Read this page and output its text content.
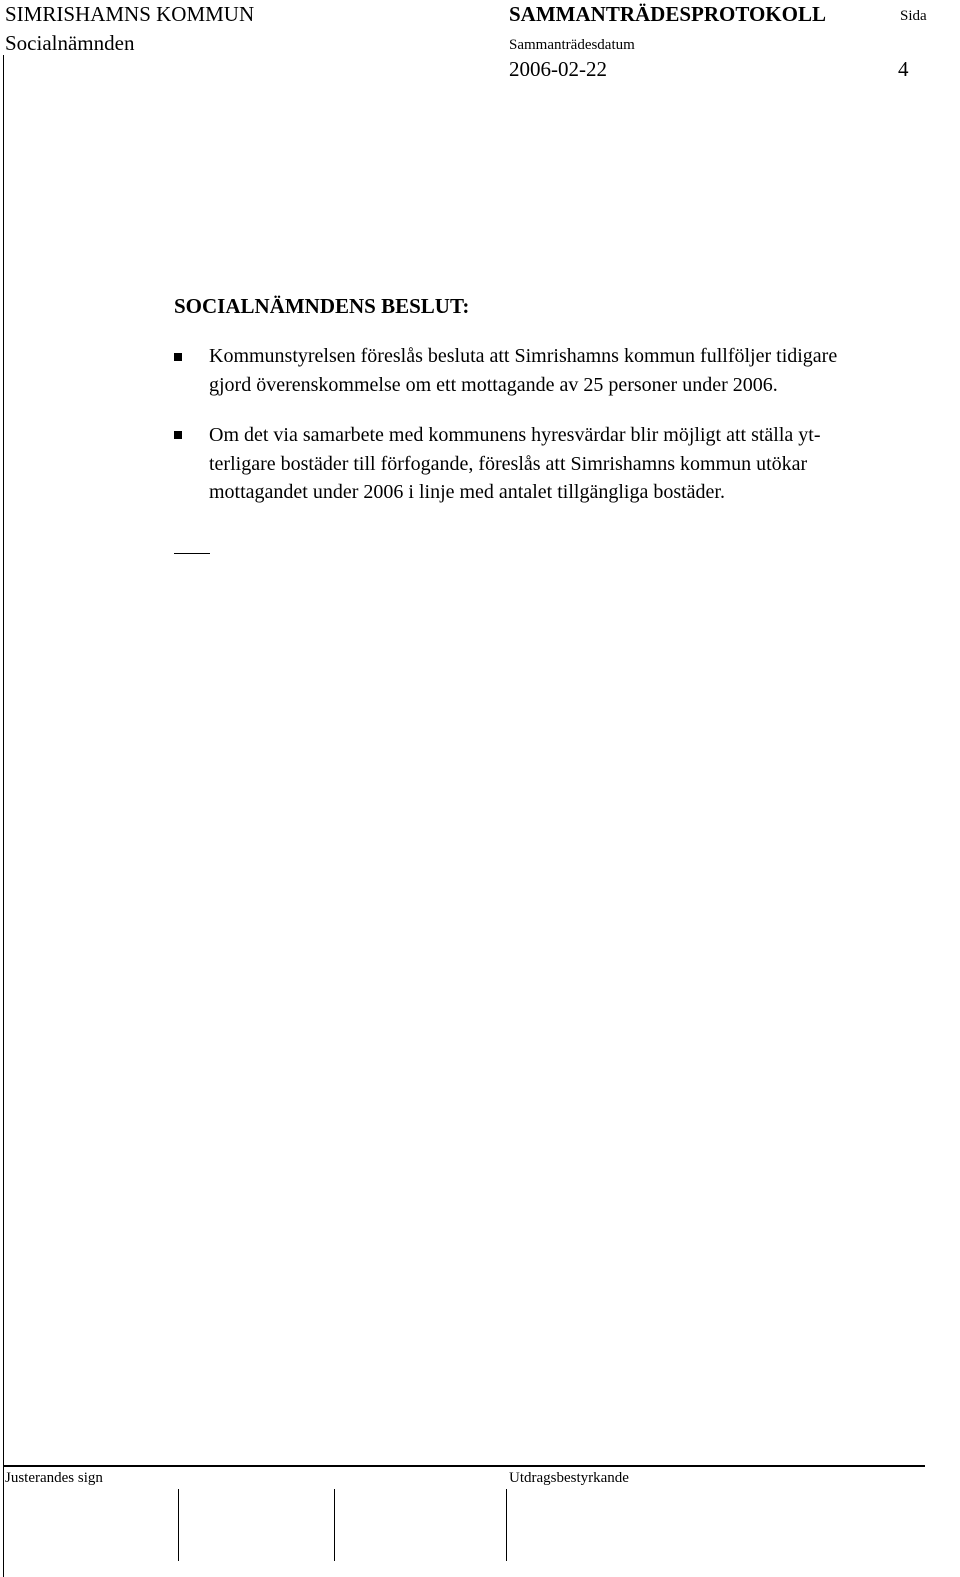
SIMRISHAMNS KOMMUN
Socialnämnden
SAMMANTRÄDESPROTOKOLL	Sida
Sammanträdesdatum
2006-02-22	4
SOCIALNÄMNDENS BESLUT:
Kommunstyrelsen föreslås besluta att Simrishamns kommun fullföljer tidigare
gjord överenskommelse om ett mottagande av 25 personer under 2006.
Om det via samarbete med kommunens hyresvärdar blir möjligt att ställa yt-
terligare bostäder till förfogande, föreslås att Simrishamns kommun utökar
mottagandet under 2006 i linje med antalet tillgängliga bostäder.
Justerandes sign	Utdragsbestyrkande
